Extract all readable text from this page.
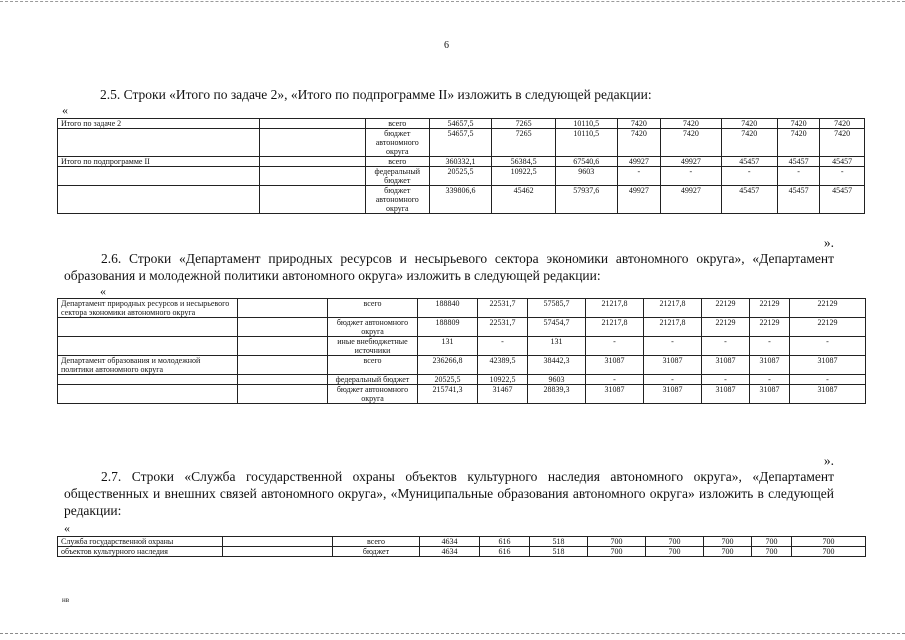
6
2.5. Строки «Итого по задаче 2», «Итого по подпрограмме II» изложить в следующей редакции:
«
Итого по задаче 2		всего	54657,5	7265	10110,5	7420	7420	7420	7420	7420
		бюджет автономного округа	54657,5	7265	10110,5	7420	7420	7420	7420	7420
Итого по подпрограмме II		всего	360332,1	56384,5	67540,6	49927	49927	45457	45457	45457
		федеральный бюджет	20525,5	10922,5	9603	-	-	-	-	-
		бюджет автономного округа	339806,6	45462	57937,6	49927	49927	45457	45457	45457
».
2.6. Строки «Департамент природных ресурсов и несырьевого сектора экономики автономного округа», «Департамент образования и молодежной политики автономного округа» изложить в следующей редакции:
«
Департамент природных ресурсов и несырьевого сектора экономики автономного округа		всего	188840	22531,7	57585,7	21217,8	21217,8	22129	22129	22129
		бюджет автономного округа	188809	22531,7	57454,7	21217,8	21217,8	22129	22129	22129
		иные внебюджетные источники	131	-	131	-	-	-	-	-
Департамент образования и молодежной политики автономного округа		всего	236266,8	42389,5	38442,3	31087	31087	31087	31087	31087
		федеральный бюджет	20525,5	10922,5	9603	-	-	-	-	-
		бюджет автономного округа	215741,3	31467	28839,3	31087	31087	31087	31087	31087
».
2.7. Строки «Служба государственной охраны объектов культурного наследия автономного округа», «Департамент общественных и внешних связей автономного округа», «Муниципальные образования автономного округа» изложить в следующей редакции:
«
Служба государственной охраны		всего	4634	616	518	700	700	700	700	700
объектов культурного наследия		бюджет	4634	616	518	700	700	700	700	700
нв
